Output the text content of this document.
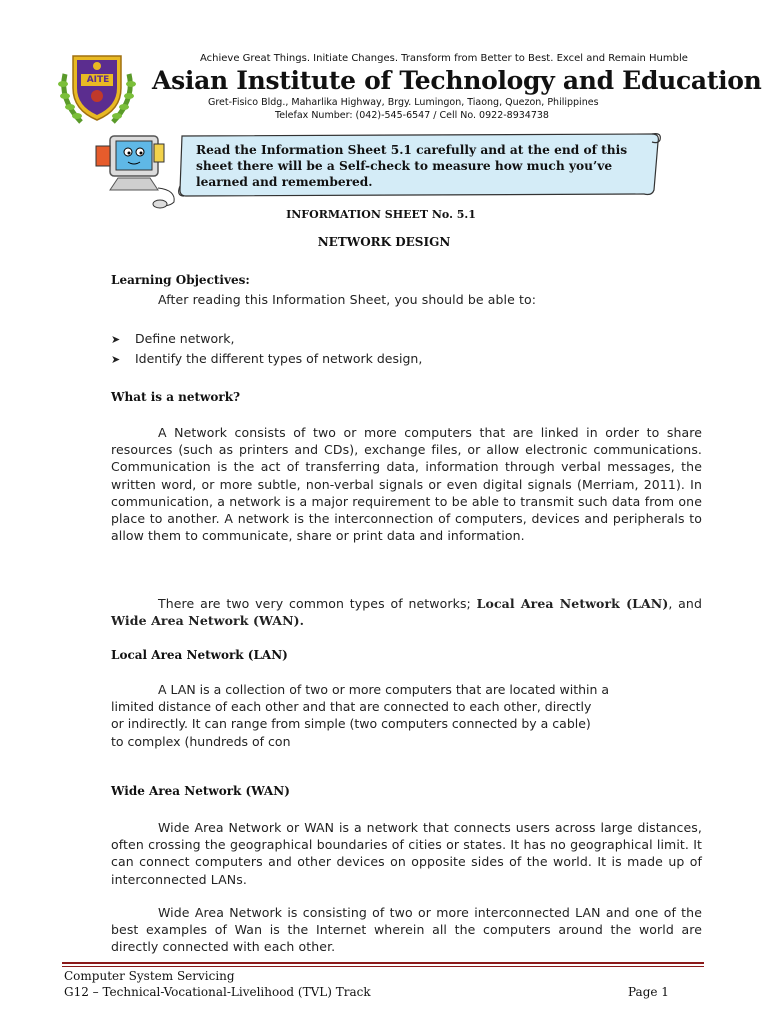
AITE
Achieve Great Things. Initiate Changes. Transform from Better to Best. Excel and Remain Humble
Asian Institute of Technology and Education
Gret-Fisico Bldg., Maharlika Highway, Brgy. Lumingon, Tiaong, Quezon, Philippines
Telefax Number: (042)-545-6547 / Cell No. 0922-8934738
Read the Information Sheet 5.1 carefully and at the end of this sheet there will be a Self-check to measure how much you’ve learned and remembered.
INFORMATION SHEET No. 5.1
NETWORK DESIGN
Learning Objectives:
After reading this Information Sheet, you should be able to:
➤ Define network,
➤ Identify the different types of network design,
What is a network?
A Network consists of two or more computers that are linked in order to share resources (such as printers and CDs), exchange files, or allow electronic communications. Communication is the act of transferring data, information through verbal messages, the written word, or more subtle, non-verbal signals or even digital signals (Merriam, 2011). In communication, a network is a major requirement to be able to transmit such data from one place to another. A network is the interconnection of computers, devices and peripherals to allow them to communicate, share or print data and information.
There are two very common types of networks; Local Area Network (LAN), and Wide Area Network (WAN).
Local Area Network (LAN)
A LAN is a collection of two or more computers that are located within a
limited distance of each other and that are connected to each other, directly
or indirectly. It can range from simple (two computers connected by a cable)
to complex (hundreds of con
Wide Area Network (WAN)
Wide Area Network or WAN is a network that connects users across large distances, often crossing the geographical boundaries of cities or states. It has no geographical limit. It can connect computers and other devices on opposite sides of the world. It is made up of interconnected LANs.
Wide Area Network is consisting of two or more interconnected LAN and one of the best examples of Wan is the Internet wherein all the computers around the world are directly connected with each other.
Computer System Servicing
G12 – Technical-Vocational-Livelihood (TVL) Track	Page 1
